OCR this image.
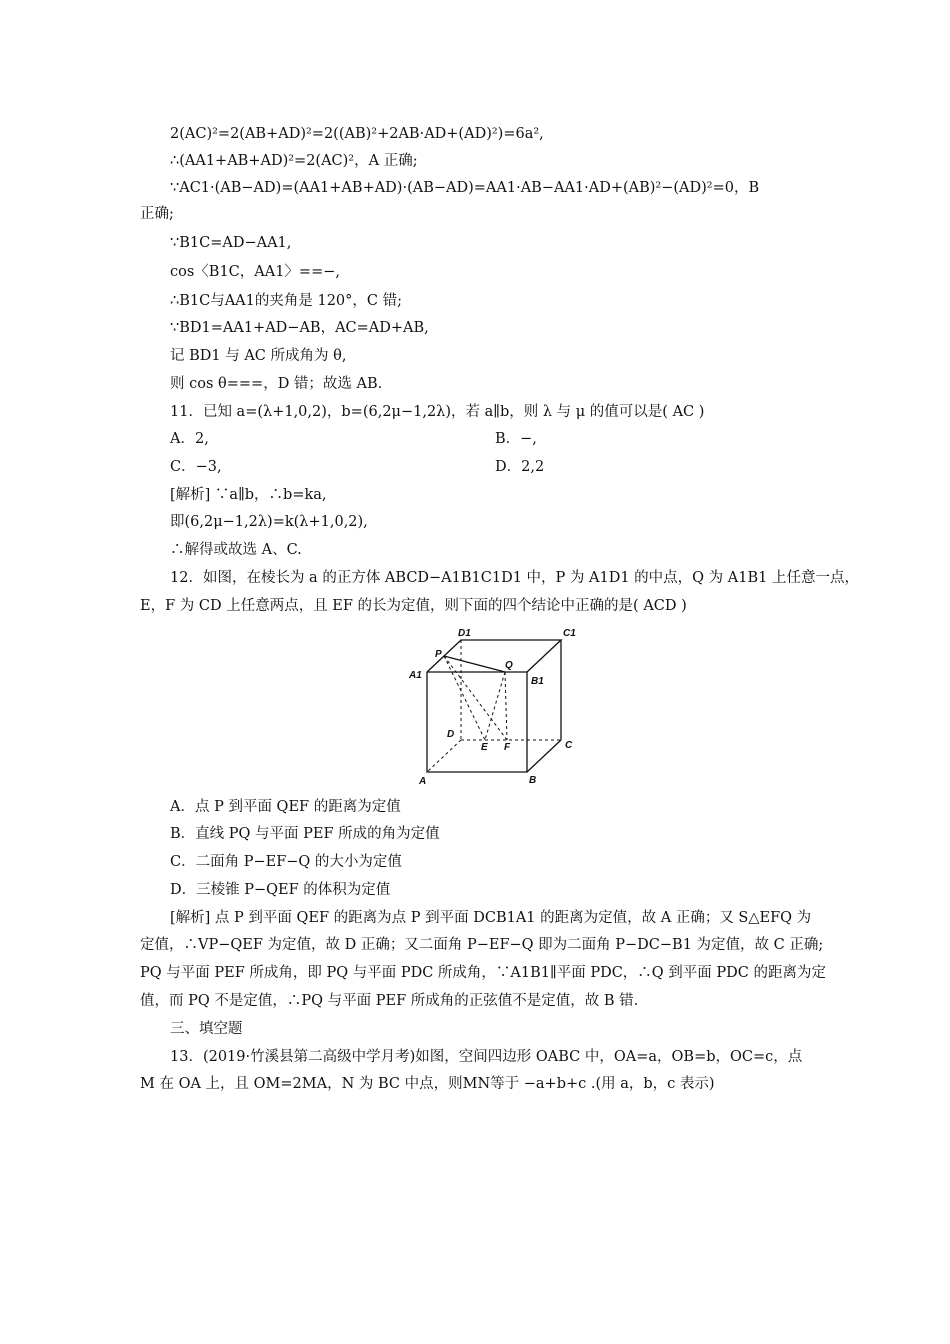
2(AC)²=2(AB+AD)²=2((AB)²+2AB·AD+(AD)²)=6a²,
∴(AA1+AB+AD)²=2(AC)²，A 正确;
∵AC1·(AB−AD)=(AA1+AB+AD)·(AB−AD)=AA1·AB−AA1·AD+(AB)²−(AD)²=0，B
正确;
∵B1C=AD−AA1,
cos〈B1C，AA1〉==−,
∴B1C与AA1的夹角是 120°，C 错;
∵BD1=AA1+AD−AB，AC=AD+AB,
记 BD1 与 AC 所成角为 θ,
则 cos θ===，D 错；故选 AB.
11．已知 a=(λ+1,0,2)，b=(6,2μ−1,2λ)，若 a∥b，则 λ 与 μ 的值可以是( AC )
A．2,	B．−,
C．−3,	D．2,2
[解析] ∵a∥b，∴b=ka,
即(6,2μ−1,2λ)=k(λ+1,0,2),
∴解得或故选 A、C.
12．如图，在棱长为 a 的正方体 ABCD−A1B1C1D1 中，P 为 A1D1 的中点，Q 为 A1B1 上任意一点，
E，F 为 CD 上任意两点，且 EF 的长为定值，则下面的四个结论中正确的是( ACD )
D1	C1
P
Q
A1
B1
D
E F	C
A	B
A．点 P 到平面 QEF 的距离为定值
B．直线 PQ 与平面 PEF 所成的角为定值
C．二面角 P−EF−Q 的大小为定值
D．三棱锥 P−QEF 的体积为定值
[解析] 点 P 到平面 QEF 的距离为点 P 到平面 DCB1A1 的距离为定值，故 A 正确；又 S△EFQ 为
定值，∴VP−QEF 为定值，故 D 正确；又二面角 P−EF−Q 即为二面角 P−DC−B1 为定值，故 C 正确;
PQ 与平面 PEF 所成角，即 PQ 与平面 PDC 所成角，∵A1B1∥平面 PDC，∴Q 到平面 PDC 的距离为定
值，而 PQ 不是定值，∴PQ 与平面 PEF 所成角的正弦值不是定值，故 B 错.
三、填空题
13．(2019·竹溪县第二高级中学月考)如图，空间四边形 OABC 中，OA=a，OB=b，OC=c，点
M 在 OA 上，且 OM=2MA，N 为 BC 中点，则MN等于 −a+b+c .(用 a，b，c 表示)
